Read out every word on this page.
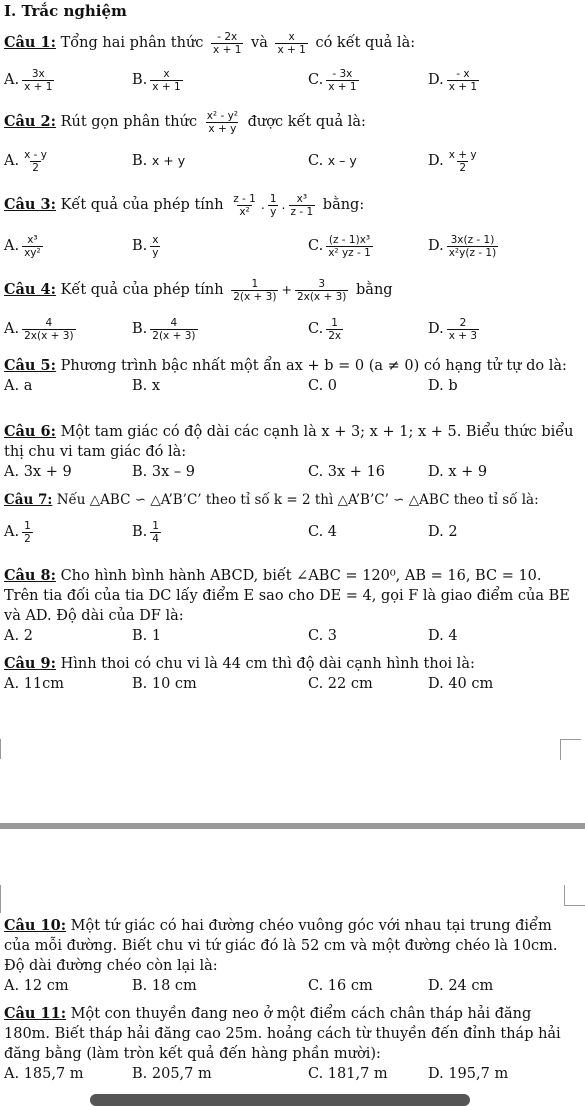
I. Trắc nghiệm
Câu 1: Tổng hai phân thức $\frac{- 2x}{x + 1}$ và $\frac{x}{x + 1}$ có kết quả là:
A. $\frac{3x}{x + 1}$	B. $\frac{x}{x + 1}$	C. $\frac{- 3x}{x + 1}$	D. $\frac{- x}{x + 1}$
Câu 2: Rút gọn phân thức $\frac{\text{x² - y²}}{x + y}$ được kết quả là:
A. $\frac{x - y}{2}$	B. x + y	C. x – y	D. $\frac{x + y}{2}$
Câu 3: Kết quả của phép tính $\frac{z - 1}{\text{x²}}$ . $\frac{1}{y}$ . $\frac{\text{x³}}{z - 1}$ bằng:
A. $\frac{\text{x³}}{\text{xy²}}$	B. $\frac{x}{y}$	C. $\frac{\text{(z - 1)x³}}{\text{x² yz - 1}}$	D. $\frac{3x(z - 1)}{\text{x²y(z - 1)}}$
Câu 4: Kết quả của phép tính $\frac{1}{2(x + 3)} + \frac{3}{2x(x + 3)}$ bằng
A. $\frac{4}{2x(x + 3)}$	B. $\frac{4}{2(x + 3)}$	C. $\frac{1}{2x}$	D. $\frac{2}{x + 3}$
Câu 5: Phương trình bậc nhất một ẩn ax + b = 0 (a ≠ 0) có hạng tử tự do là:
A. a	B. x	C. 0	D. b
Câu 6: Một tam giác có độ dài các cạnh là x + 3; x + 1; x + 5. Biểu thức biểu thị chu vi tam giác đó là:
A. 3x + 9	B. 3x – 9	C. 3x + 16	D. x + 9
Câu 7: Nếu △ABC ∽ △A’B’C’ theo tỉ số k = 2 thì △A’B’C’ ∽ △ABC theo tỉ số là:
A. $\frac{1}{2}$	B. $\frac{1}{4}$	C. 4	D. 2
Câu 8: Cho hình bình hành ABCD, biết ∠ABC = 120⁰, AB = 16, BC = 10. Trên tia đối của tia DC lấy điểm E sao cho DE = 4, gọi F là giao điểm của BE và AD. Độ dài của DF là:
A. 2	B. 1	C. 3	D. 4
Câu 9: Hình thoi có chu vi là 44 cm thì độ dài cạnh hình thoi là:
A. 11cm	B. 10 cm	C. 22 cm	D. 40 cm
Câu 10: Một tứ giác có hai đường chéo vuông góc với nhau tại trung điểm của mỗi đường. Biết chu vi tứ giác đó là 52 cm và một đường chéo là 10cm. Độ dài đường chéo còn lại là:
A. 12 cm	B. 18 cm	C. 16 cm	D. 24 cm
Câu 11: Một con thuyền đang neo ở một điểm cách chân tháp hải đăng 180m. Biết tháp hải đăng cao 25m. hoảng cách từ thuyền đến đỉnh tháp hải đăng bằng (làm tròn kết quả đến hàng phần mười):
A. 185,7 m	B. 205,7 m	C. 181,7 m	D. 195,7 m
